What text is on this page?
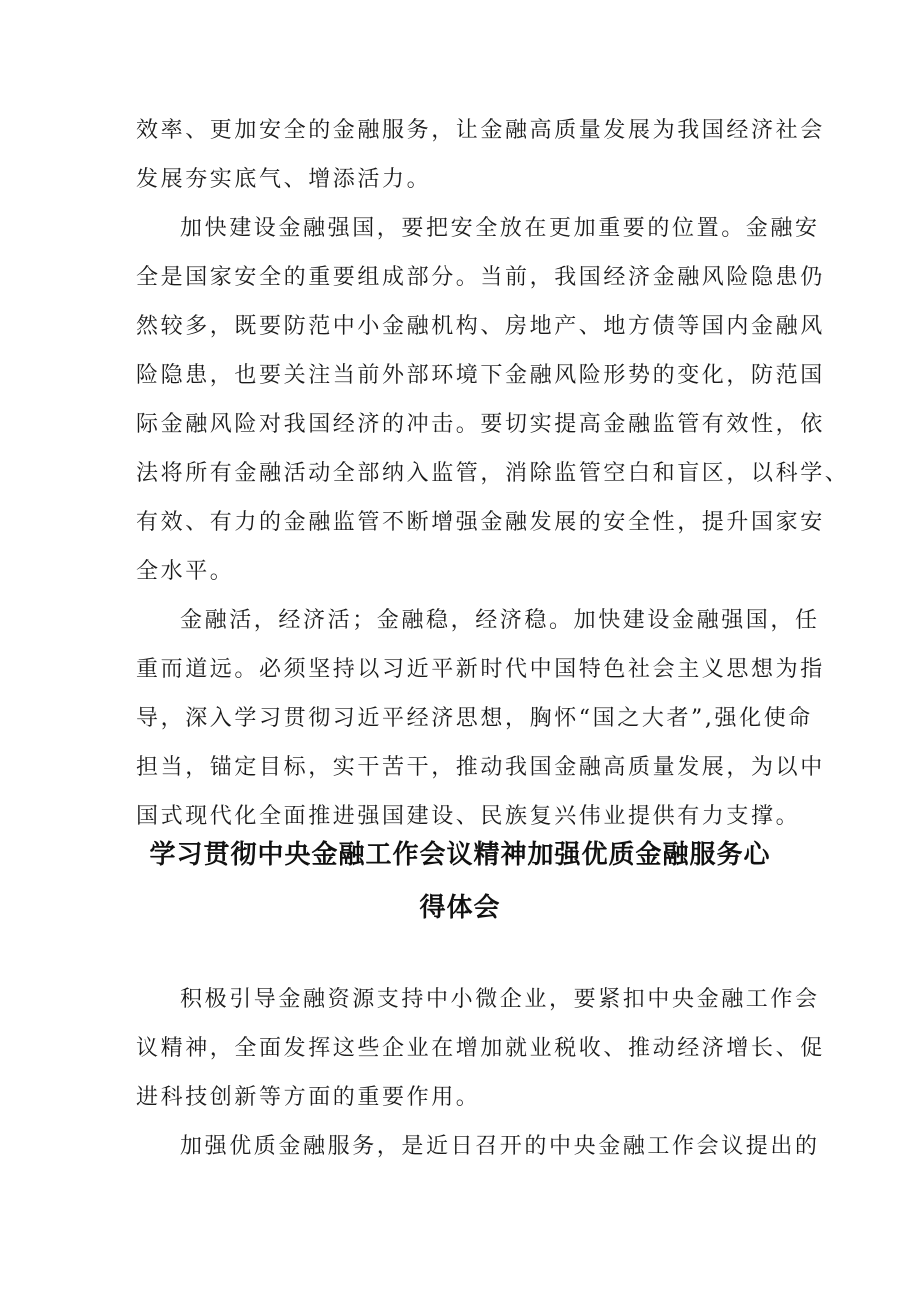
效率、更加安全的金融服务，让金融高质量发展为我国经济社会
发展夯实底气、增添活力。
加快建设金融强国，要把安全放在更加重要的位置。金融安
全是国家安全的重要组成部分。当前，我国经济金融风险隐患仍
然较多，既要防范中小金融机构、房地产、地方债等国内金融风
险隐患，也要关注当前外部环境下金融风险形势的变化，防范国
际金融风险对我国经济的冲击。要切实提高金融监管有效性，依
法将所有金融活动全部纳入监管，消除监管空白和盲区，以科学、
有效、有力的金融监管不断增强金融发展的安全性，提升国家安
全水平。
金融活，经济活；金融稳，经济稳。加快建设金融强国，任
重而道远。必须坚持以习近平新时代中国特色社会主义思想为指
导，深入学习贯彻习近平经济思想，胸怀“国之大者”,强化使命
担当，锚定目标，实干苦干，推动我国金融高质量发展，为以中
国式现代化全面推进强国建设、民族复兴伟业提供有力支撑。
学习贯彻中央金融工作会议精神加强优质金融服务心
得体会
积极引导金融资源支持中小微企业，要紧扣中央金融工作会
议精神，全面发挥这些企业在增加就业税收、推动经济增长、促
进科技创新等方面的重要作用。
加强优质金融服务，是近日召开的中央金融工作会议提出的
